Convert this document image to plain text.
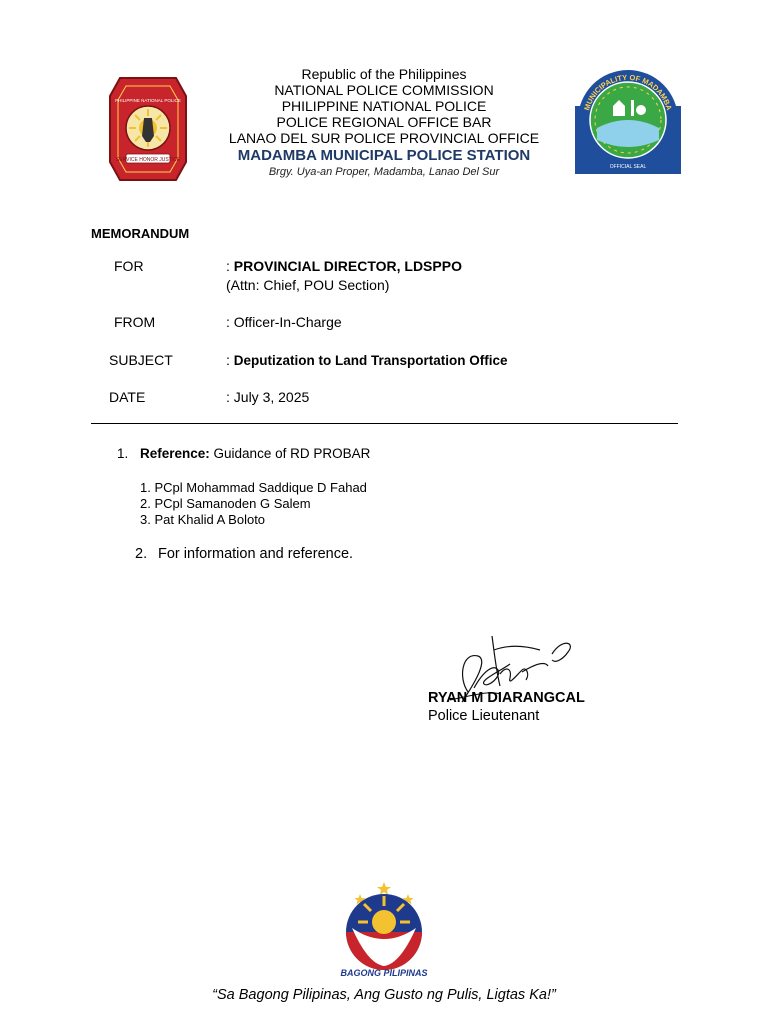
SERVICE HONOR JUSTICE
PHILIPPINE NATIONAL POLICE
Republic of the Philippines
NATIONAL POLICE COMMISSION
PHILIPPINE NATIONAL POLICE
POLICE REGIONAL OFFICE BAR
LANAO DEL SUR POLICE PROVINCIAL OFFICE
MADAMBA MUNICIPAL POLICE STATION
Brgy. Uya-an Proper, Madamba, Lanao Del Sur	OFFICIAL SEAL
MUNICIPALITY OF MADAMBA
MEMORANDUM
FOR	: PROVINCIAL DIRECTOR, LDSPPO
(Attn: Chief, POU Section)
FROM	: Officer-In-Charge
SUBJECT	: Deputization to Land Transportation Office
DATE	: July 3, 2025
1. Reference: Guidance of RD PROBAR
1. PCpl Mohammad Saddique D Fahad
2. PCpl Samanoden G Salem
3. Pat Khalid A Boloto
2. For information and reference.
RYAN M DIARANGCAL
Police Lieutenant
BAGONG PILIPINAS
“Sa Bagong Pilipinas, Ang Gusto ng Pulis, Ligtas Ka!”
